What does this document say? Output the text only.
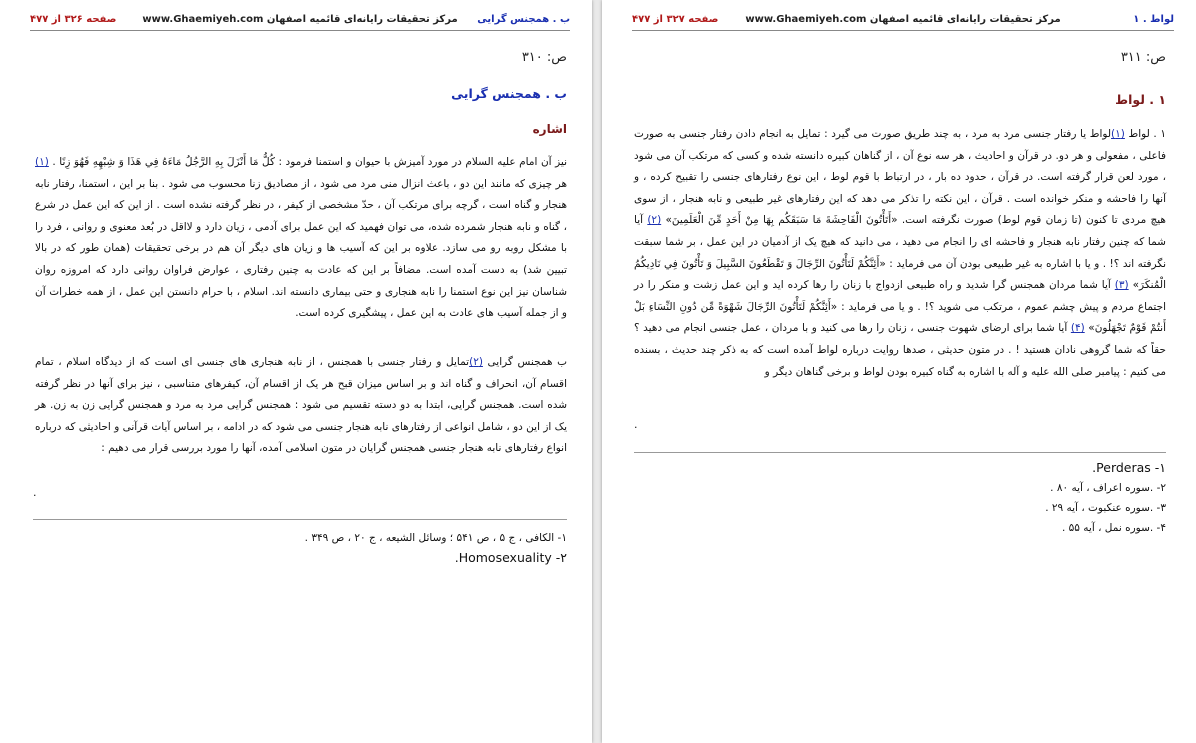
ب . همجنس گرایی
مرکز تحقیقات رایانه‌ای قائمیه اصفهان www.Ghaemiyeh.com
صفحه ۳۲۶ از ۴۷۷
ص: ۳۱۰
ب . همجنس گرایی
اشاره
نیز آن امام علیه السلام در مورد آمیزش با حیوان و استمنا فرمود : كُلُّ مَا أَنْزَلَ بِهِ الرَّجُلُ مَاءَهُ فِي هَذَا وَ شِبْهِهِ فَهُوَ زِنًا . (۱) هر چیزی که مانند این دو ، باعث انزال منی مرد می شود ، از مصادیق زنا محسوب می شود . بنا بر این ، استمنا، رفتار نابه هنجار و گناه است ، گرچه برای مرتکب آن ، حدّ مشخصی از کیفر ، در نظر گرفته نشده است . از این که این عمل در شرع ، گناه و نابه هنجار شمرده شده، می توان فهمید که این عمل برای آدمی ، زیان دارد و لااقل در بُعد معنوی و روانی ، فرد را با مشکل روبه رو می سازد. علاوه بر این که آسیب ها و زیان های دیگر آن هم در برخی تحقیقات (همان طور که در بالا تبیین شد) به دست آمده است. مضافاً بر این که عادت به چنین رفتاری ، عوارض فراوان روانی دارد که امروزه روان شناسان نیز این نوع استمنا را نابه هنجاری و حتی بیماری دانسته اند. اسلام ، با حرام دانستن این عمل ، از همه خطرات آن و از جمله آسیب های عادت به این عمل ، پیشگیری کرده است.
ب همجنس گرایی (۲)تمایل و رفتار جنسی با همجنس ، از نابه هنجاری های جنسی ای است که از دیدگاه اسلام ، تمام اقسام آن، انحراف و گناه اند و بر اساس میزان قبح هر یک از اقسام آن، کیفرهای متناسبی ، نیز برای آنها در نظر گرفته شده است. همجنس گرایی، ابتدا به دو دسته تقسیم می شود : همجنس گرایی مرد به مرد و همجنس گرایی زن به زن. هر یک از این دو ، شامل انواعی از رفتارهای نابه هنجار جنسی می شود که در ادامه ، بر اساس آیات قرآنی و احادیثی که درباره انواع رفتارهای نابه هنجار جنسی همجنس گرایان در متون اسلامی آمده، آنها را مورد بررسی قرار می دهیم :
.
۱- الکافی ، ج ۵ ، ص ۵۴۱ ؛ وسائل الشیعه ، ج ۲۰ ، ص ۳۴۹ .
۲- Homosexuality.
۱ . لواط
مرکز تحقیقات رایانه‌ای قائمیه اصفهان www.Ghaemiyeh.com
صفحه ۳۲۷ از ۴۷۷
ص: ۳۱۱
۱ . لواط
۱ . لواط (۱)لواط یا رفتار جنسی مرد به مرد ، به چند طریق صورت می گیرد : تمایل به انجام دادن رفتار جنسی به صورت فاعلی ، مفعولی و هر دو. در قرآن و احادیث ، هر سه نوع آن ، از گناهان کبیره دانسته شده و کسی که مرتکب آن می شود ، مورد لعن قرار گرفته است. در قرآن ، حدود ده بار ، در ارتباط با قوم لوط ، این نوع رفتارهای جنسی را تقبیح کرده ، و آنها را فاحشه و منکر خوانده است . قرآن ، این نکته را تذکر می دهد که این رفتارهای غیر طبیعی و نابه هنجار ، از سوی هیچ مردی تا کنون (تا زمان قوم لوط) صورت نگرفته است. «أَتَأْتُونَ الْفَاحِشَةَ مَا سَبَقَكُم بِهَا مِنْ أَحَدٍ مِّنَ الْعَلَمِينَ» (۲) آیا شما که چنین رفتار نابه هنجار و فاحشه ای را انجام می دهید ، می دانید که هیچ یک از آدمیان در این عمل ، بر شما سبقت نگرفته اند ؟! . و یا با اشاره به غیر طبیعی بودن آن می فرماید : «أَئِنَّكُمْ لَتَأْتُونَ الرِّجَالَ وَ تَقْطَعُونَ السَّبِيلَ وَ تَأْتُونَ فِي نَادِيكُمُ الْمُنكَرَ» (۳) آیا شما مردان همجنس گرا شدید و راه طبیعی ازدواج با زنان را رها کرده اید و این عمل زشت و منکر را در اجتماع مردم و پیش چشم عموم ، مرتکب می شوید ؟! . و یا می فرماید : «أَئِنَّكُمْ لَتَأْتُونَ الرِّجَالَ شَهْوَةً مِّن دُونِ النِّسَاءِ بَلْ أَنتُمْ قَوْمٌ تَجْهَلُونَ» (۴) آیا شما برای ارضای شهوت جنسی ، زنان را رها می کنید و با مردان ، عمل جنسی انجام می دهید ؟ حقاً که شما گروهی نادان هستید ! . در متون حدیثی ، صدها روایت درباره لواط آمده است که به ذکر چند حدیث ، بسنده می کنیم : پیامبر صلی الله علیه و آله با اشاره به گناه کبیره بودن لواط و برخی گناهان دیگر و
.
۱- Perderas.
۲- .سوره اعراف ، آیه ۸۰ .
۳- .سوره عنکبوت ، آیه ۲۹ .
۴- .سوره نمل ، آیه ۵۵ .
